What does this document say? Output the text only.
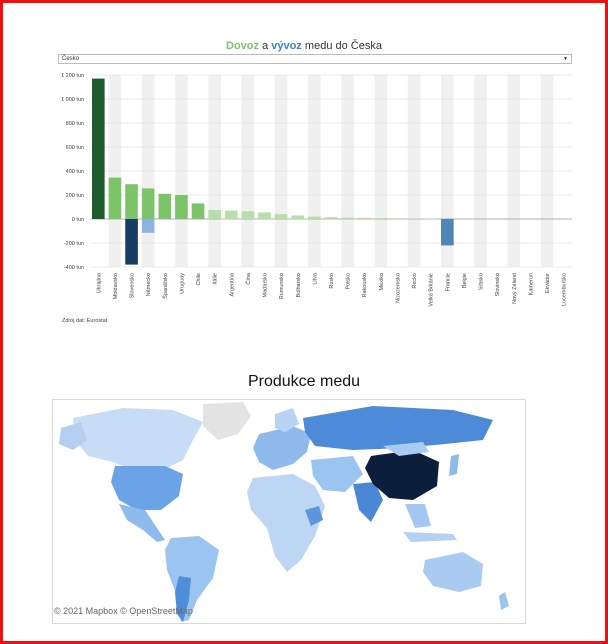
Dovoz a vývoz medu do Česka
Česko	▼
-400 tun
-200 tun
0 tun
200 tun
400 tun
600 tun
800 tun
1 000 tun
1 200 tun
Ukrajina Moldavsko Slovensko Německo Španělsko Uruguay Chile Itálie Argentina Čína Maďarsko Rumunsko Bulharsko Litva Rusko Polsko Rakousko Mexiko Nizozemsko	Řecko Velká Británie Francie Belgie Srbsko Slovinsko Nový Zéland Kamerun Ekvádor Lucembursko
Zdroj dat: Eurostat
Produkce medu
© 2021 Mapbox © OpenStreetMap
